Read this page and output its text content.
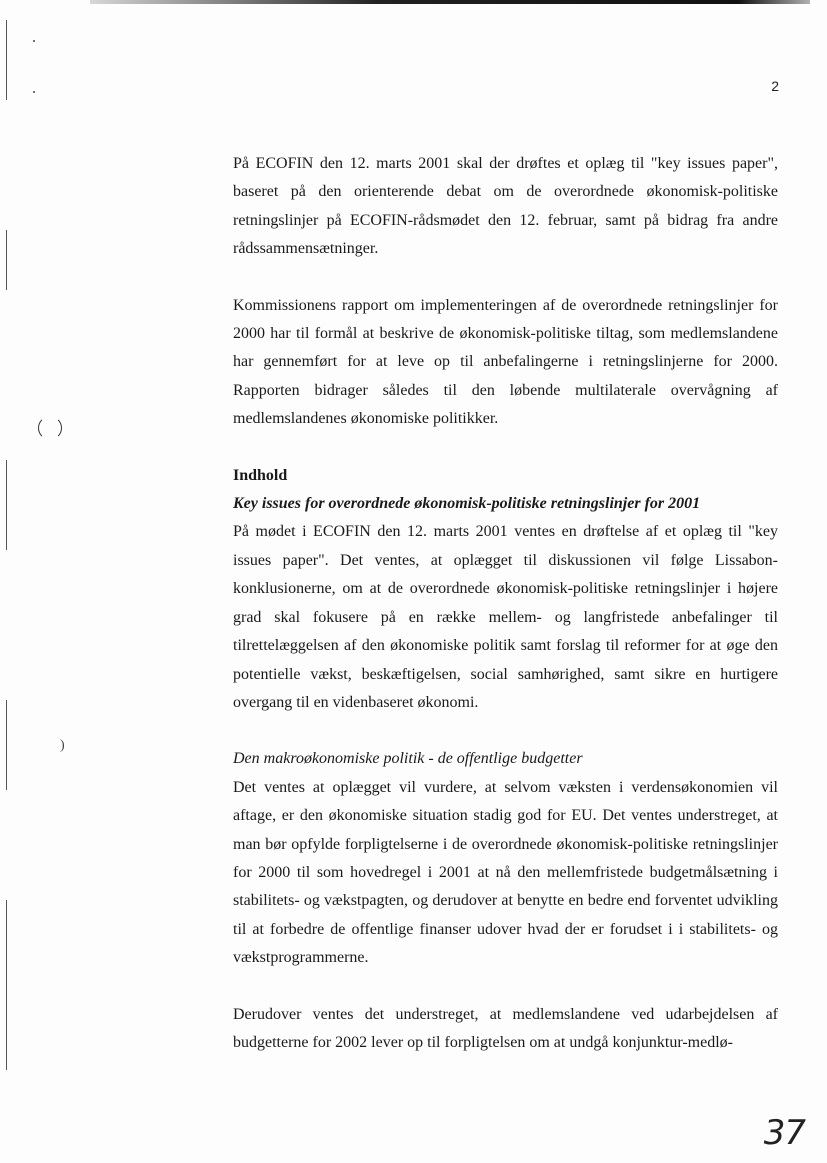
)
2

På ECOFIN den 12. marts 2001 skal der drøftes et oplæg til "key issues paper", baseret på den orienterende debat om de overordnede økonomisk-politiske retningslinjer på ECOFIN-rådsmødet den 12. februar, samt på bidrag fra andre rådssammensætninger.

Kommissionens rapport om implementeringen af de overordnede retningslinjer for 2000 har til formål at beskrive de økonomisk-politiske tiltag, som medlemslandene har gennemført for at leve op til anbefalingerne i retningslinjerne for 2000. Rapporten bidrager således til den løbende multilaterale overvågning af medlemslandenes økonomiske politikker.

Indhold

Key issues for overordnede økonomisk-politiske retningslinjer for 2001

På mødet i ECOFIN den 12. marts 2001 ventes en drøftelse af et oplæg til "key issues paper". Det ventes, at oplægget til diskussionen vil følge Lissabon-konklusionerne, om at de overordnede økonomisk-politiske retningslinjer i højere grad skal fokusere på en række mellem- og langfristede anbefalinger til tilrettelæggelsen af den økonomiske politik samt forslag til reformer for at øge den potentielle vækst, beskæftigelsen, social samhørighed, samt sikre en hurtigere overgang til en videnbaseret økonomi.

Den makroøkonomiske politik - de offentlige budgetter

Det ventes at oplægget vil vurdere, at selvom væksten i verdensøkonomien vil aftage, er den økonomiske situation stadig god for EU. Det ventes understreget, at man bør opfylde forpligtelserne i de overordnede økonomisk-politiske retningslinjer for 2000 til som hovedregel i 2001 at nå den mellemfristede budgetmålsætning i stabilitets- og vækstpagten, og derudover at benytte en bedre end forventet udvikling til at forbedre de offentlige finanser udover hvad der er forudset i i stabilitets- og vækstprogrammerne.

Derudover ventes det understreget, at medlemslandene ved udarbejdelsen af budgetterne for 2002 lever op til forpligtelsen om at undgå konjunktur-medlø-

37
